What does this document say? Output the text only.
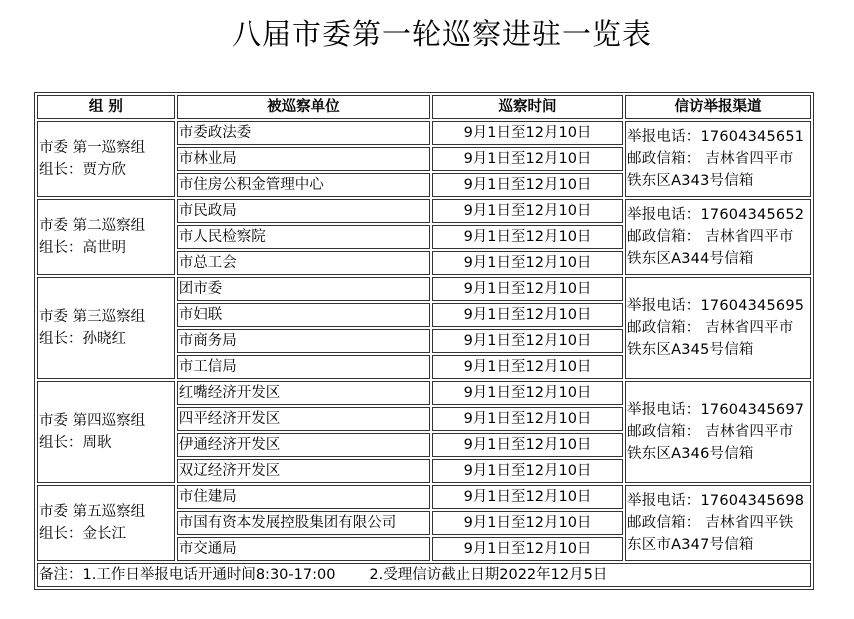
八届市委第一轮巡察进驻一览表
组 别	被巡察单位	巡察时间	信访举报渠道

市委 第一巡察组
组长：贾方欣	市委政法委	9月1日至12月10日	举报电话：17604345651
邮政信箱： 吉林省四平市
铁东区A343号信箱

	市林业局	9月1日至12月10日	
	市住房公积金管理中心	9月1日至12月10日	

市委 第二巡察组
组长：高世明	市民政局	9月1日至12月10日	举报电话：17604345652
邮政信箱： 吉林省四平市
铁东区A344号信箱

	市人民检察院	9月1日至12月10日	
	市总工会	9月1日至12月10日	

市委 第三巡察组
组长：孙晓红	团市委	9月1日至12月10日	举报电话：17604345695
邮政信箱： 吉林省四平市
铁东区A345号信箱

	市妇联	9月1日至12月10日	
	市商务局	9月1日至12月10日	
	市工信局	9月1日至12月10日	

市委 第四巡察组
组长：周耿	红嘴经济开发区	9月1日至12月10日	举报电话：17604345697
邮政信箱： 吉林省四平市
铁东区A346号信箱

	四平经济开发区	9月1日至12月10日	
	伊通经济开发区	9月1日至12月10日	
	双辽经济开发区	9月1日至12月10日	

市委 第五巡察组
组长：金长江	市住建局	9月1日至12月10日	举报电话：17604345698
邮政信箱： 吉林省四平铁
东区市A347号信箱

	市国有资本发展控股集团有限公司	9月1日至12月10日	
	市交通局	9月1日至12月10日	
备注：1.工作日举报电话开通时间8:30-17:00 2.受理信访截止日期2022年12月5日			
